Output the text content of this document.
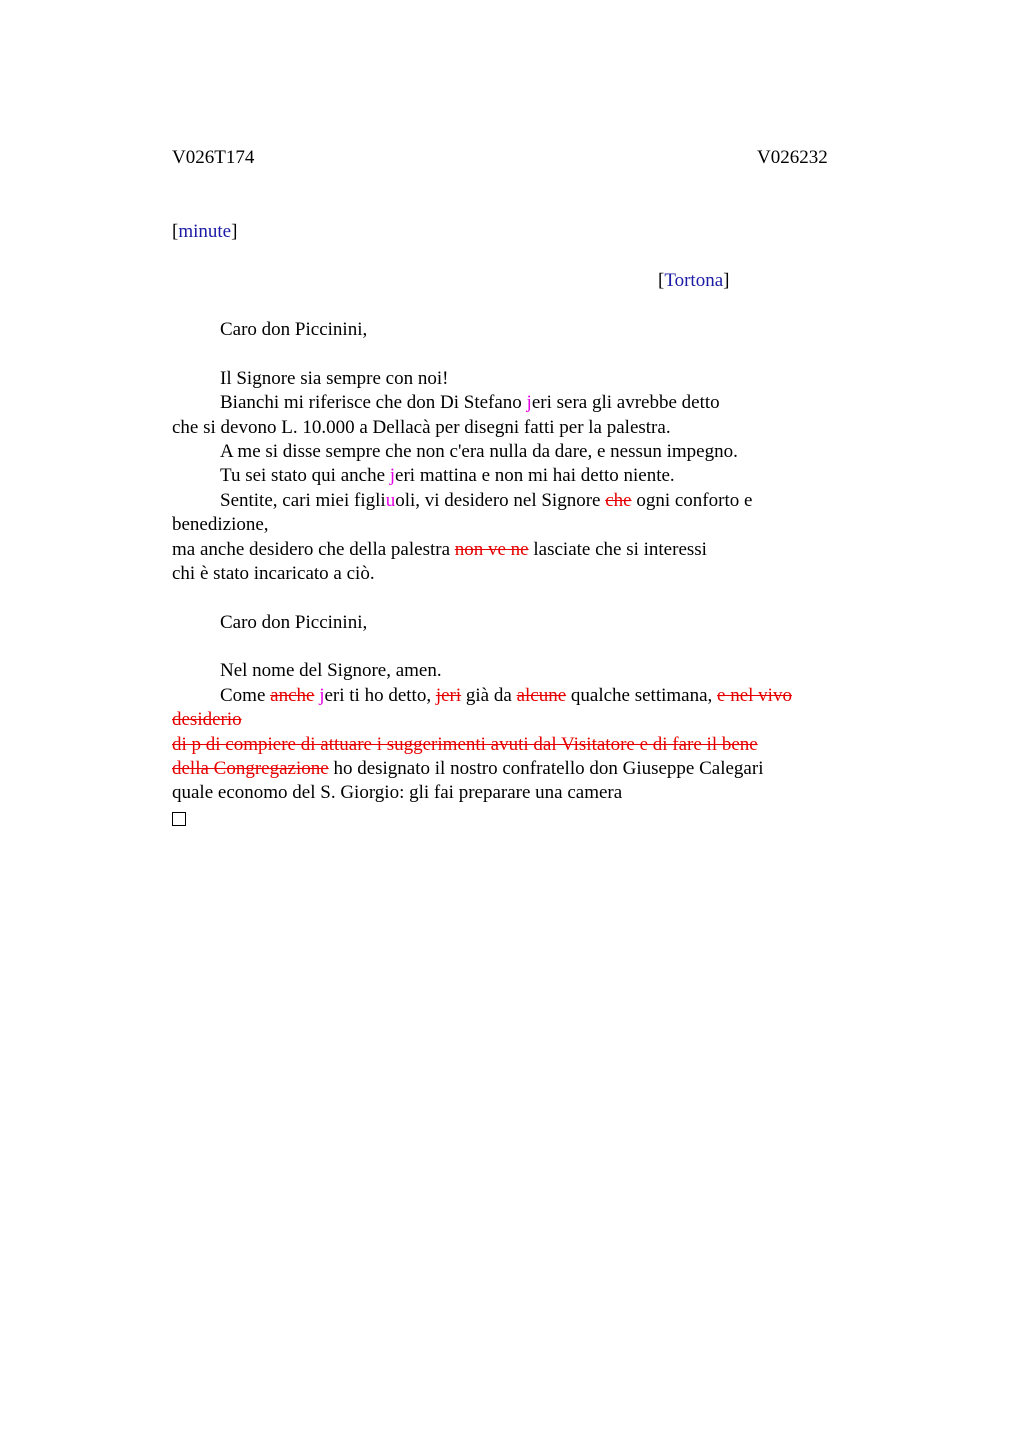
V026T174	V026232
[minute]
[Tortona]
Caro don Piccinini,
Il Signore sia sempre con noi!
Bianchi mi riferisce che don Di Stefano jeri sera gli avrebbe detto
che si devono L. 10.000 a Dellacà per disegni fatti per la palestra.
A me si disse sempre che non c'era nulla da dare, e nessun impegno.
Tu sei stato qui anche jeri mattina e non mi hai detto niente.
Sentite, cari miei figliuoli, vi desidero nel Signore che ogni conforto e
benedizione,
ma anche desidero che della palestra non ve ne lasciate che si interessi
chi è stato incaricato a ciò.
Caro don Piccinini,
Nel nome del Signore, amen.
Come anche jeri ti ho detto, jeri già da alcune qualche settimana, e nel vivo
desiderio
di p di compiere di attuare i suggerimenti avuti dal Visitatore e di fare il bene
della Congregazione ho designato il nostro confratello don Giuseppe Calegari
quale economo del S. Giorgio: gli fai preparare una camera
